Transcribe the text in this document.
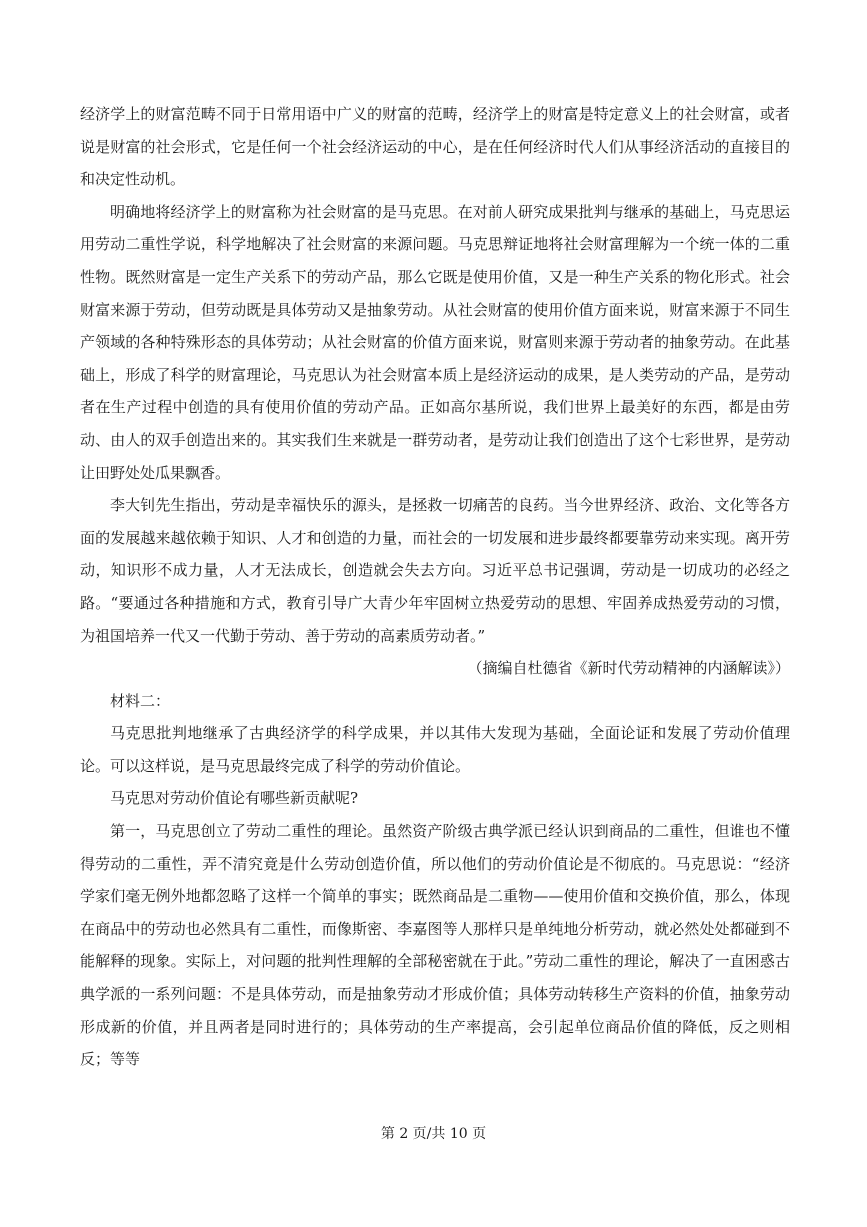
经济学上的财富范畴不同于日常用语中广义的财富的范畴，经济学上的财富是特定意义上的社会财富，或者说是财富的社会形式，它是任何一个社会经济运动的中心，是在任何经济时代人们从事经济活动的直接目的和决定性动机。

明确地将经济学上的财富称为社会财富的是马克思。在对前人研究成果批判与继承的基础上，马克思运用劳动二重性学说，科学地解决了社会财富的来源问题。马克思辩证地将社会财富理解为一个统一体的二重性物。既然财富是一定生产关系下的劳动产品，那么它既是使用价值，又是一种生产关系的物化形式。社会财富来源于劳动，但劳动既是具体劳动又是抽象劳动。从社会财富的使用价值方面来说，财富来源于不同生产领域的各种特殊形态的具体劳动；从社会财富的价值方面来说，财富则来源于劳动者的抽象劳动。在此基础上，形成了科学的财富理论，马克思认为社会财富本质上是经济运动的成果，是人类劳动的产品，是劳动者在生产过程中创造的具有使用价值的劳动产品。正如高尔基所说，我们世界上最美好的东西，都是由劳动、由人的双手创造出来的。其实我们生来就是一群劳动者，是劳动让我们创造出了这个七彩世界，是劳动让田野处处瓜果飘香。

李大钊先生指出，劳动是幸福快乐的源头，是拯救一切痛苦的良药。当今世界经济、政治、文化等各方面的发展越来越依赖于知识、人才和创造的力量，而社会的一切发展和进步最终都要靠劳动来实现。离开劳动，知识形不成力量，人才无法成长，创造就会失去方向。习近平总书记强调，劳动是一切成功的必经之路。“要通过各种措施和方式，教育引导广大青少年牢固树立热爱劳动的思想、牢固养成热爱劳动的习惯，为祖国培养一代又一代勤于劳动、善于劳动的高素质劳动者。”

（摘编自杜德省《新时代劳动精神的内涵解读》）

材料二：

马克思批判地继承了古典经济学的科学成果，并以其伟大发现为基础，全面论证和发展了劳动价值理论。可以这样说，是马克思最终完成了科学的劳动价值论。

马克思对劳动价值论有哪些新贡献呢?

第一，马克思创立了劳动二重性的理论。虽然资产阶级古典学派已经认识到商品的二重性，但谁也不懂得劳动的二重性，弄不清究竟是什么劳动创造价值，所以他们的劳动价值论是不彻底的。马克思说：“经济学家们毫无例外地都忽略了这样一个简单的事实；既然商品是二重物——使用价值和交换价值，那么，体现在商品中的劳动也必然具有二重性，而像斯密、李嘉图等人那样只是单纯地分析劳动，就必然处处都碰到不能解释的现象。实际上，对问题的批判性理解的全部秘密就在于此。”劳动二重性的理论，解决了一直困惑古典学派的一系列问题：不是具体劳动，而是抽象劳动才形成价值；具体劳动转移生产资料的价值，抽象劳动形成新的价值，并且两者是同时进行的；具体劳动的生产率提高，会引起单位商品价值的降低，反之则相反；等等

第 2 页/共 10 页
